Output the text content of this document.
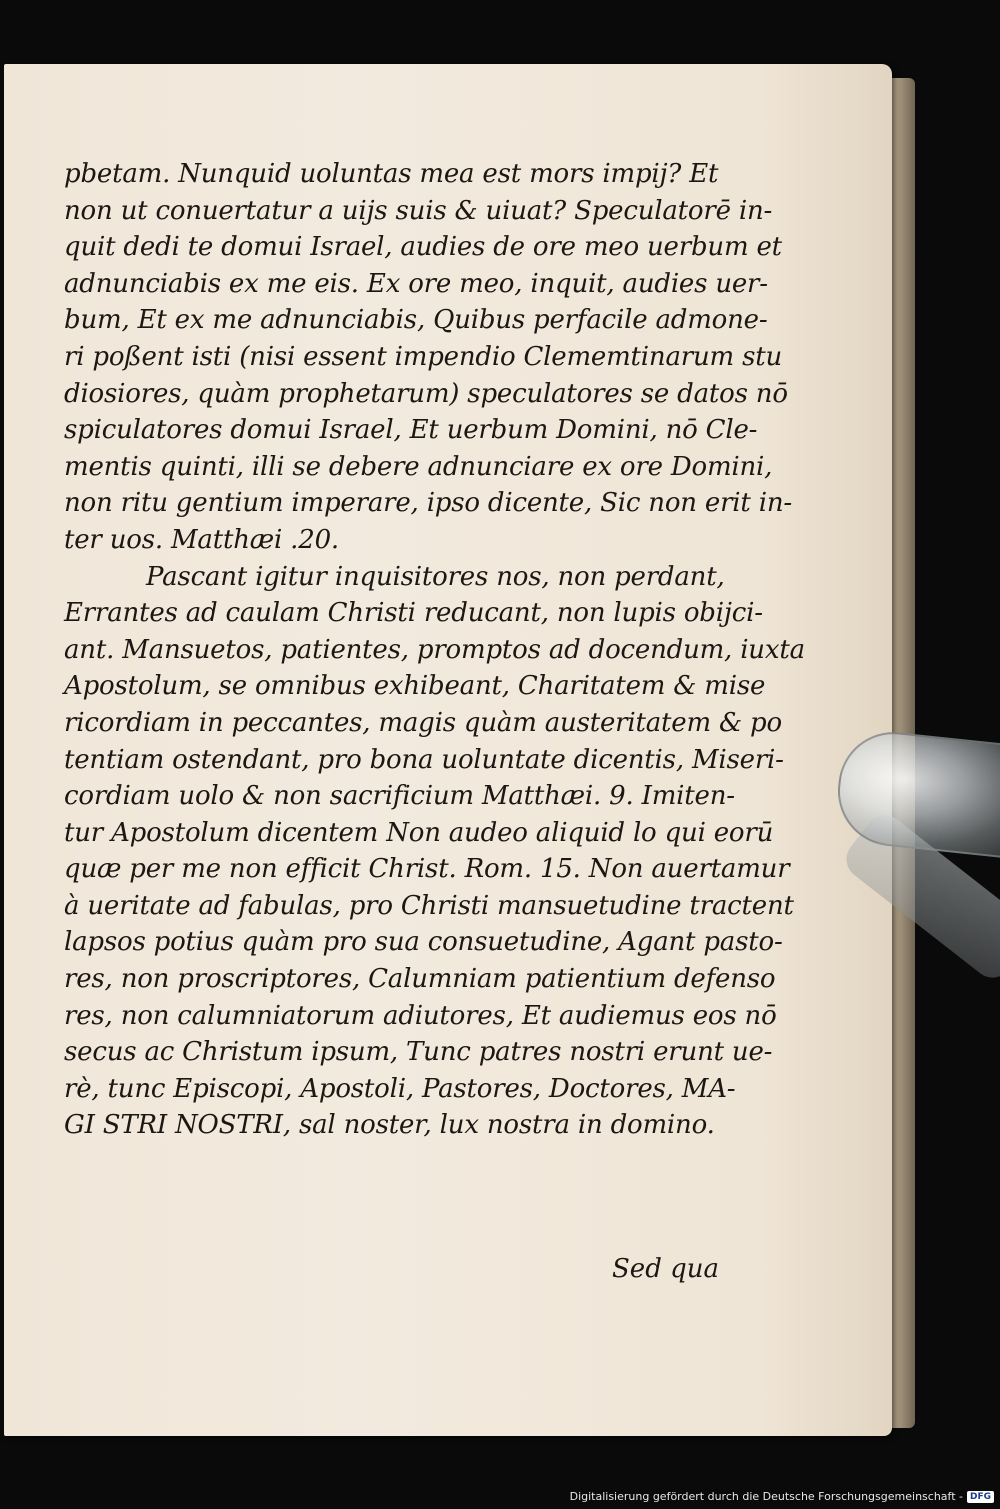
pbetam. Nunquid uoluntas mea est mors impij? Et
non ut conuertatur a uijs suis & uiuat? Speculatorē in-
quit dedi te domui Israel, audies de ore meo uerbum et
adnunciabis ex me eis. Ex ore meo, inquit, audies uer-
bum, Et ex me adnunciabis, Quibus perfacile admone-
ri poßent isti (nisi essent impendio Clememtinarum stu
diosiores, quàm prophetarum) speculatores se datos nō
spiculatores domui Israel, Et uerbum Domini, nō Cle-
mentis quinti, illi se debere adnunciare ex ore Domini,
non ritu gentium imperare, ipso dicente, Sic non erit in-
ter uos. Matthæi .20.
Pascant igitur inquisitores nos, non perdant,
Errantes ad caulam Christi reducant, non lupis obijci-
ant. Mansuetos, patientes, promptos ad docendum, iuxta
Apostolum, se omnibus exhibeant, Charitatem & mise
ricordiam in peccantes, magis quàm austeritatem & po
tentiam ostendant, pro bona uoluntate dicentis, Miseri-
cordiam uolo & non sacrificium Matthæi. 9. Imiten-
tur Apostolum dicentem Non audeo aliquid lo qui eorū
quæ per me non efficit Christ. Rom. 15. Non auertamur
à ueritate ad fabulas, pro Christi mansuetudine tractent
lapsos potius quàm pro sua consuetudine, Agant pasto-
res, non proscriptores, Calumniam patientium defenso
res, non calumniatorum adiutores, Et audiemus eos nō
secus ac Christum ipsum, Tunc patres nostri erunt ue-
rè, tunc Episcopi, Apostoli, Pastores, Doctores, MA-
GI STRI NOSTRI, sal noster, lux nostra in domino.
Sed qua
Digitalisierung gefördert durch die Deutsche Forschungsgemeinschaft - DFG
